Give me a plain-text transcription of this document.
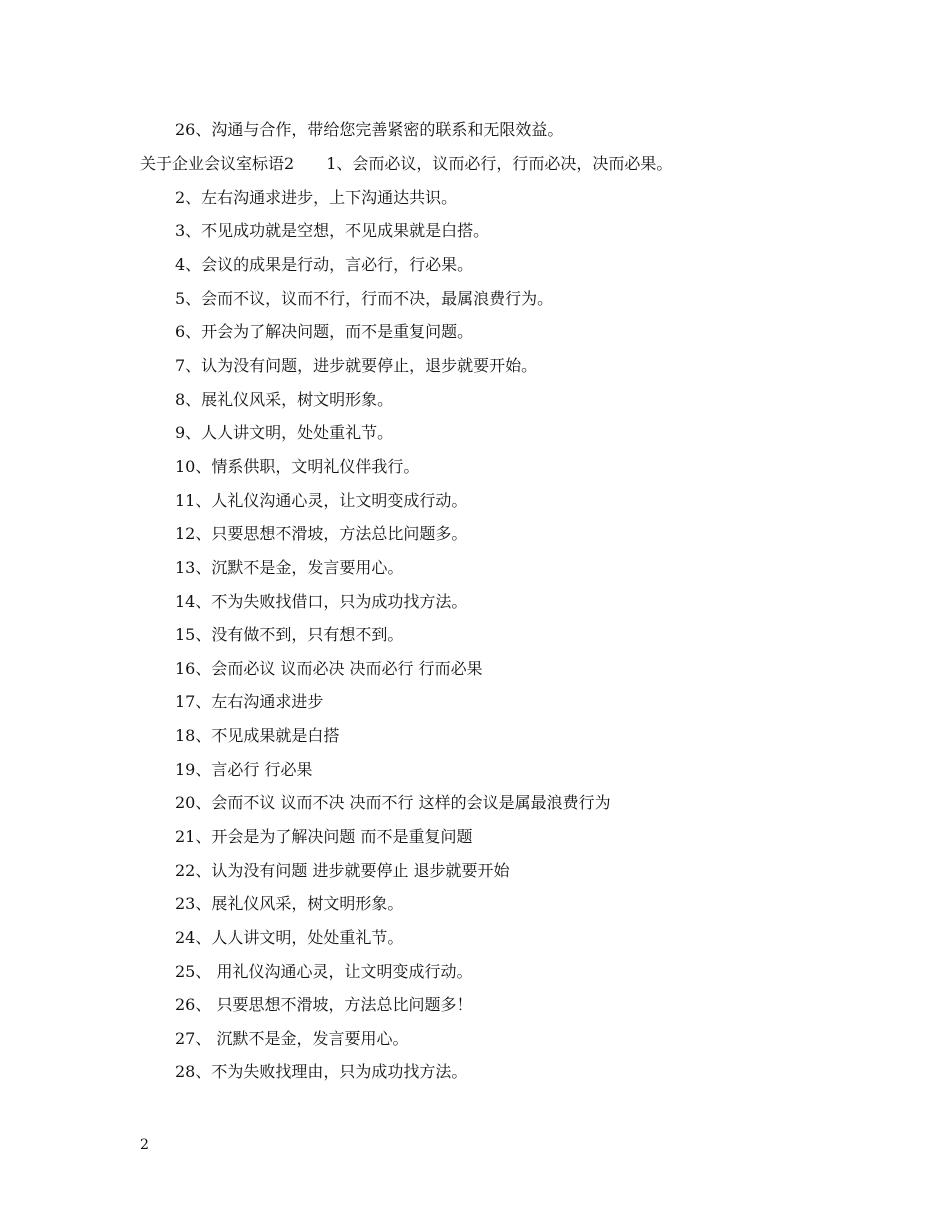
26、沟通与合作，带给您完善紧密的联系和无限效益。
关于企业会议室标语2 1、会而必议，议而必行，行而必决，决而必果。
2、左右沟通求进步，上下沟通达共识。
3、不见成功就是空想，不见成果就是白搭。
4、会议的成果是行动，言必行，行必果。
5、会而不议，议而不行，行而不决，最属浪费行为。
6、开会为了解决问题，而不是重复问题。
7、认为没有问题，进步就要停止，退步就要开始。
8、展礼仪风采，树文明形象。
9、人人讲文明，处处重礼节。
10、情系供职，文明礼仪伴我行。
11、人礼仪沟通心灵，让文明变成行动。
12、只要思想不滑坡，方法总比问题多。
13、沉默不是金，发言要用心。
14、不为失败找借口，只为成功找方法。
15、没有做不到，只有想不到。
16、会而必议 议而必决 决而必行 行而必果
17、左右沟通求进步
18、不见成果就是白搭
19、言必行 行必果
20、会而不议 议而不决 决而不行 这样的会议是属最浪费行为
21、开会是为了解决问题 而不是重复问题
22、认为没有问题 进步就要停止 退步就要开始
23、展礼仪风采，树文明形象。
24、人人讲文明，处处重礼节。
25、 用礼仪沟通心灵，让文明变成行动。
26、 只要思想不滑坡，方法总比问题多！
27、 沉默不是金，发言要用心。
28、不为失败找理由，只为成功找方法。
2
